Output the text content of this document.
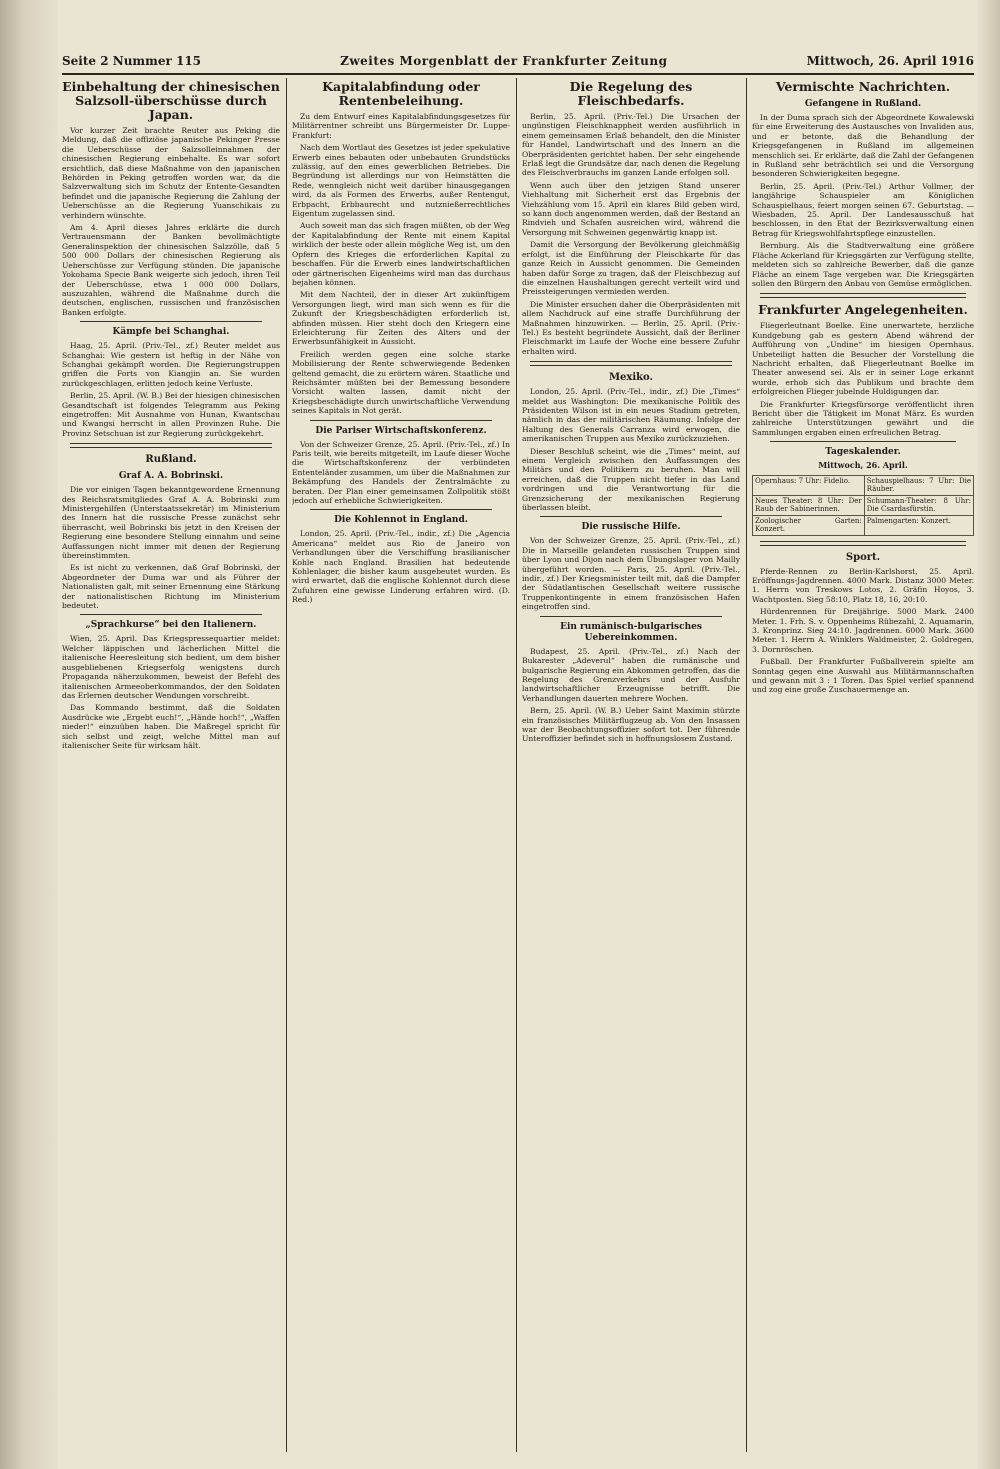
Seite 2 Nummer 115	Zweites Morgenblatt der Frankfurter Zeitung	Mittwoch, 26. April 1916
Einbehaltung der chinesischen Salzsoll-überschüsse durch Japan.

Vor kurzer Zeit brachte Reuter aus Peking die Meldung, daß die offiziöse japanische Pekinger Presse die Ueberschüsse der Salzsolleinnahmen der chinesischen Regierung einbehalte. Es war sofort ersichtlich, daß diese Maßnahme von den japanischen Behörden in Peking getroffen worden war, da die Salzverwaltung sich im Schutz der Entente-Gesandten befindet und die japanische Regierung die Zahlung der Ueberschüsse an die Regierung Yuanschikais zu verhindern wünschte.

Am 4. April dieses Jahres erklärte die durch Vertrauensmann der Banken bevollmächtigte Generalinspektion der chinesischen Salzzölle, daß 5 500 000 Dollars der chinesischen Regierung als Ueberschüsse zur Verfügung stünden. Die japanische Yokohama Specie Bank weigerte sich jedoch, ihren Teil der Ueberschüsse, etwa 1 000 000 Dollars, auszuzahlen, während die Maßnahme durch die deutschen, englischen, russischen und französischen Banken erfolgte.

Kämpfe bei Schanghai.

Haag, 25. April. (Priv.-Tel., zf.) Reuter meldet aus Schanghai: Wie gestern ist heftig in der Nähe von Schanghai gekämpft worden. Die Regierungstruppen griffen die Forts von Kiangjin an. Sie wurden zurückgeschlagen, erlitten jedoch keine Verluste.

Berlin, 25. April. (W. B.) Bei der hiesigen chinesischen Gesandtschaft ist folgendes Telegramm aus Peking eingetroffen: Mit Ausnahme von Hunan, Kwantschau und Kwangsi herrscht in allen Provinzen Ruhe. Die Provinz Setschuan ist zur Regierung zurückgekehrt.

Rußland.
Graf A. A. Bobrinski.

Die vor einigen Tagen bekanntgewordene Ernennung des Reichsratsmitgliedes Graf A. A. Bobrinski zum Ministergehilfen (Unterstaatssekretär) im Ministerium des Innern hat die russische Presse zunächst sehr überrascht, weil Bobrinski bis jetzt in den Kreisen der Regierung eine besondere Stellung einnahm und seine Auffassungen nicht immer mit denen der Regierung übereinstimmten.

Es ist nicht zu verkennen, daß Graf Bobrinski, der Abgeordneter der Duma war und als Führer der Nationalisten galt, mit seiner Ernennung eine Stärkung der nationalistischen Richtung im Ministerium bedeutet.

„Sprachkurse“ bei den Italienern.

Wien, 25. April. Das Kriegspressequartier meldet: Welcher läppischen und lächerlichen Mittel die italienische Heeresleitung sich bedient, um dem bisher ausgebliebenen Kriegserfolg wenigstens durch Propaganda näherzukommen, beweist der Befehl des italienischen Armeeoberkommandos, der den Soldaten das Erlernen deutscher Wendungen vorschreibt.

Das Kommando bestimmt, daß die Soldaten Ausdrücke wie „Ergebt euch!“, „Hände hoch!“, „Waffen nieder!“ einzuüben haben. Die Maßregel spricht für sich selbst und zeigt, welche Mittel man auf italienischer Seite für wirksam hält.

Kapitalabfindung oder Rentenbeleihung.

Zu dem Entwurf eines Kapitalabfindungsgesetzes für Militärrentner schreibt uns Bürgermeister Dr. Luppe-Frankfurt:

Nach dem Wortlaut des Gesetzes ist jeder spekulative Erwerb eines bebauten oder unbebauten Grundstücks zulässig, auf den eines gewerblichen Betriebes. Die Begründung ist allerdings nur von Heimstätten die Rede, wenngleich nicht weit darüber hinausgegangen wird, da als Formen des Erwerbs, außer Rentengut, Erbpacht, Erbbaurecht und nutznießerrechtliches Eigentum zugelassen sind.

Auch soweit man das sich fragen müßten, ob der Weg der Kapitalabfindung der Rente mit einem Kapital wirklich der beste oder allein mögliche Weg ist, um den Opfern des Krieges die erforderlichen Kapital zu beschaffen. Für die Erwerb eines landwirtschaftlichen oder gärtnerischen Eigenheims wird man das durchaus bejahen können.

Mit dem Nachteil, der in dieser Art zukünftigem Versorgungen liegt, wird man sich wenn es für die Zukunft der Kriegsbeschädigten erforderlich ist, abfinden müssen. Hier steht doch den Kriegern eine Erleichterung für Zeiten des Alters und der Erwerbsunfähigkeit in Aussicht.

Freilich werden gegen eine solche starke Mobilisierung der Rente schwerwiegende Bedenken geltend gemacht, die zu erörtern wären. Staatliche und Reichsämter müßten bei der Bemessung besondere Vorsicht walten lassen, damit nicht der Kriegsbeschädigte durch unwirtschaftliche Verwendung seines Kapitals in Not gerät.

Die Pariser Wirtschaftskonferenz.

Von der Schweizer Grenze, 25. April. (Priv.-Tel., zf.) In Paris teilt, wie bereits mitgeteilt, im Laufe dieser Woche die Wirtschaftskonferenz der verbündeten Ententeländer zusammen, um über die Maßnahmen zur Bekämpfung des Handels der Zentralmächte zu beraten. Der Plan einer gemeinsamen Zollpolitik stößt jedoch auf erhebliche Schwierigkeiten.

Die Kohlennot in England.

London, 25. April. (Priv.-Tel., indir., zf.) Die „Agencia Americana“ meldet aus Rio de Janeiro von Verhandlungen über die Verschiffung brasilianischer Kohle nach England. Brasilien hat bedeutende Kohlenlager, die bisher kaum ausgebeutet wurden. Es wird erwartet, daß die englische Kohlennot durch diese Zufuhren eine gewisse Linderung erfahren wird. (D. Red.)

Die Regelung des Fleischbedarfs.

Berlin, 25. April. (Priv.-Tel.) Die Ursachen der ungünstigen Fleischknappheit werden ausführlich in einem gemeinsamen Erlaß behandelt, den die Minister für Handel, Landwirtschaft und des Innern an die Oberpräsidenten gerichtet haben. Der sehr eingehende Erlaß legt die Grundsätze dar, nach denen die Regelung des Fleischverbrauchs im ganzen Lande erfolgen soll.

Wenn auch über den jetzigen Stand unserer Viehhaltung mit Sicherheit erst das Ergebnis der Viehzählung vom 15. April ein klares Bild geben wird, so kann doch angenommen werden, daß der Bestand an Rindvieh und Schafen ausreichen wird, während die Versorgung mit Schweinen gegenwärtig knapp ist.

Damit die Versorgung der Bevölkerung gleichmäßig erfolgt, ist die Einführung der Fleischkarte für das ganze Reich in Aussicht genommen. Die Gemeinden haben dafür Sorge zu tragen, daß der Fleischbezug auf die einzelnen Haushaltungen gerecht verteilt wird und Preissteigerungen vermieden werden.

Die Minister ersuchen daher die Oberpräsidenten mit allem Nachdruck auf eine straffe Durchführung der Maßnahmen hinzuwirken. — Berlin, 25. April. (Priv.-Tel.) Es besteht begründete Aussicht, daß der Berliner Fleischmarkt im Laufe der Woche eine bessere Zufuhr erhalten wird.

Mexiko.

London, 25. April. (Priv.-Tel., indir., zf.) Die „Times“ meldet aus Washington: Die mexikanische Politik des Präsidenten Wilson ist in ein neues Stadium getreten, nämlich in das der militärischen Räumung. Infolge der Haltung des Generals Carranza wird erwogen, die amerikanischen Truppen aus Mexiko zurückzuziehen.

Dieser Beschluß scheint, wie die „Times“ meint, auf einem Vergleich zwischen den Auffassungen des Militärs und den Politikern zu beruhen. Man will erreichen, daß die Truppen nicht tiefer in das Land vordringen und die Verantwortung für die Grenzsicherung der mexikanischen Regierung überlassen bleibt.

Die russische Hilfe.

Von der Schweizer Grenze, 25. April. (Priv.-Tel., zf.) Die in Marseille gelandeten russischen Truppen sind über Lyon und Dijon nach dem Übungslager von Mailly übergeführt worden. — Paris, 25. April. (Priv.-Tel., indir., zf.) Der Kriegsminister teilt mit, daß die Dampfer der Südatlantischen Gesellschaft weitere russische Truppenkontingente in einem französischen Hafen eingetroffen sind.

Ein rumänisch-bulgarisches Uebereinkommen.

Budapest, 25. April. (Priv.-Tel., zf.) Nach der Bukarester „Adeverul“ haben die rumänische und bulgarische Regierung ein Abkommen getroffen, das die Regelung des Grenzverkehrs und der Ausfuhr landwirtschaftlicher Erzeugnisse betrifft. Die Verhandlungen dauerten mehrere Wochen.

Bern, 25. April. (W. B.) Ueber Saint Maximin stürzte ein französisches Militärflugzeug ab. Von den Insassen war der Beobachtungsoffizier sofort tot. Der führende Unteroffizier befindet sich in hoffnungslosem Zustand.

Vermischte Nachrichten.
Gefangene in Rußland.

In der Duma sprach sich der Abgeordnete Kowalewski für eine Erweiterung des Austausches von Invaliden aus, und er betonte, daß die Behandlung der Kriegsgefangenen in Rußland im allgemeinen menschlich sei. Er erklärte, daß die Zahl der Gefangenen in Rußland sehr beträchtlich sei und die Versorgung besonderen Schwierigkeiten begegne.

Berlin, 25. April. (Priv.-Tel.) Arthur Vollmer, der langjährige Schauspieler am Königlichen Schauspielhaus, feiert morgen seinen 67. Geburtstag. — Wiesbaden, 25. April. Der Landesausschuß hat beschlossen, in den Etat der Bezirksverwaltung einen Betrag für Kriegswohlfahrtspflege einzustellen.

Bernburg. Als die Stadtverwaltung eine größere Fläche Ackerland für Kriegsgärten zur Verfügung stellte, meldeten sich so zahlreiche Bewerber, daß die ganze Fläche an einem Tage vergeben war. Die Kriegsgärten sollen den Bürgern den Anbau von Gemüse ermöglichen.

Frankfurter Angelegenheiten.

Fliegerleutnant Boelke. Eine unerwartete, herzliche Kundgebung gab es gestern Abend während der Aufführung von „Undine“ im hiesigen Opernhaus. Unbeteiligt hatten die Besucher der Vorstellung die Nachricht erhalten, daß Fliegerleutnant Boelke im Theater anwesend sei. Als er in seiner Loge erkannt wurde, erhob sich das Publikum und brachte dem erfolgreichen Flieger jubelnde Huldigungen dar.

Die Frankfurter Kriegsfürsorge veröffentlicht ihren Bericht über die Tätigkeit im Monat März. Es wurden zahlreiche Unterstützungen gewährt und die Sammlungen ergaben einen erfreulichen Betrag.

Tageskalender.
Mittwoch, 26. April.
Opernhaus: 7 Uhr: Fidelio.	Schauspielhaus: 7 Uhr: Die Räuber.
Neues Theater: 8 Uhr: Der Raub der Sabinerinnen.	Schumann-Theater: 8 Uhr: Die Csardasfürstin.
Zoologischer Garten: Konzert.	Palmengarten: Konzert.
Sport.

Pferde-Rennen zu Berlin-Karlshorst, 25. April. Eröffnungs-Jagdrennen. 4000 Mark. Distanz 3000 Meter. 1. Herrn von Treskows Lotos, 2. Gräfin Hoyos, 3. Wachtposten. Sieg 58:10, Platz 18, 16, 20:10.

Hürdenrennen für Dreijährige. 5000 Mark. 2400 Meter. 1. Frh. S. v. Oppenheims Rübezahl, 2. Aquamarin, 3. Kronprinz. Sieg 24:10. Jagdrennen. 6000 Mark. 3600 Meter. 1. Herrn A. Winklers Waldmeister, 2. Goldregen, 3. Dornröschen.

Fußball. Der Frankfurter Fußballverein spielte am Sonntag gegen eine Auswahl aus Militärmannschaften und gewann mit 3 : 1 Toren. Das Spiel verlief spannend und zog eine große Zuschauermenge an.
